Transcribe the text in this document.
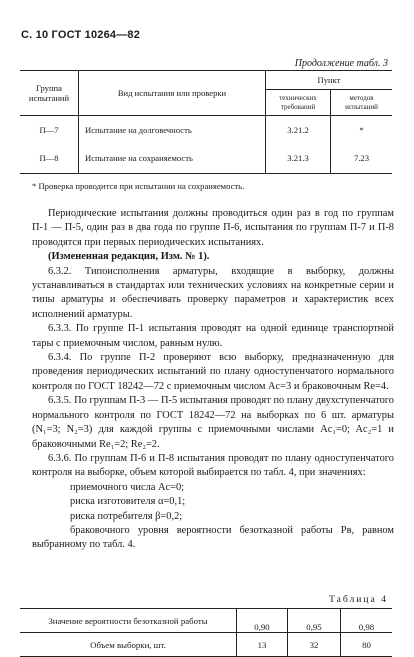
С. 10 ГОСТ 10264—82
Продолжение табл. 3
Группа испытаний	Вид испытания или проверки	Пункт	
		технических требований	методов испытаний
П—7	Испытание на долговечность	3.21.2	*
П—8	Испытание на сохраняемость	3.21.3	7.23
* Проверка проводится при испытании на сохраняемость.

Периодические испытания должны проводиться один раз в год по группам П-1 — П-5, один раз в два года по группе П-6, испытания по группам П-7 и П-8 проводятся при первых периодических испытаниях.

(Измененная редакция, Изм. № 1).

6.3.2. Типоисполнения арматуры, входящие в выборку, должны устанавливаться в стандартах или технических условиях на конкретные серии и типы арматуры и обеспечивать проверку параметров и характеристик всех исполнений арматуры.

6.3.3. По группе П-1 испытания проводят на одной единице транспортной тары с приемочным числом, равным нулю.

6.3.4. По группе П-2 проверяют всю выборку, предназначенную для проведения периодических испытаний по плану одноступенчатого нормального контроля по ГОСТ 18242—72 с приемочным числом Ac=3 и браковочным Re=4.

6.3.5. По группам П-3 — П-5 испытания проводят по плану двухступенчатого нормального контроля по ГОСТ 18242—72 на выборках по 6 шт. арматуры (N₁=3; N₂=3) для каждой группы с приемочными числами Ac₁=0; Ac₂=1 и браковочными Re₁=2; Re₂=2.

6.3.6. По группам П-6 и П-8 испытания проводят по плану одноступенчатого контроля на выборке, объем которой выбирается по табл. 4, при значениях:

приемочного числа Ac=0;

риска изготовителя α=0,1;

риска потребителя β=0,2;

браковочного уровня вероятности безотказной работы Pв, равном выбранному по табл. 4.

Таблица 4
Значение вероятности безотказной работы	0,90	0,95	0,98
Объем выборки, шт.	13	32	80
